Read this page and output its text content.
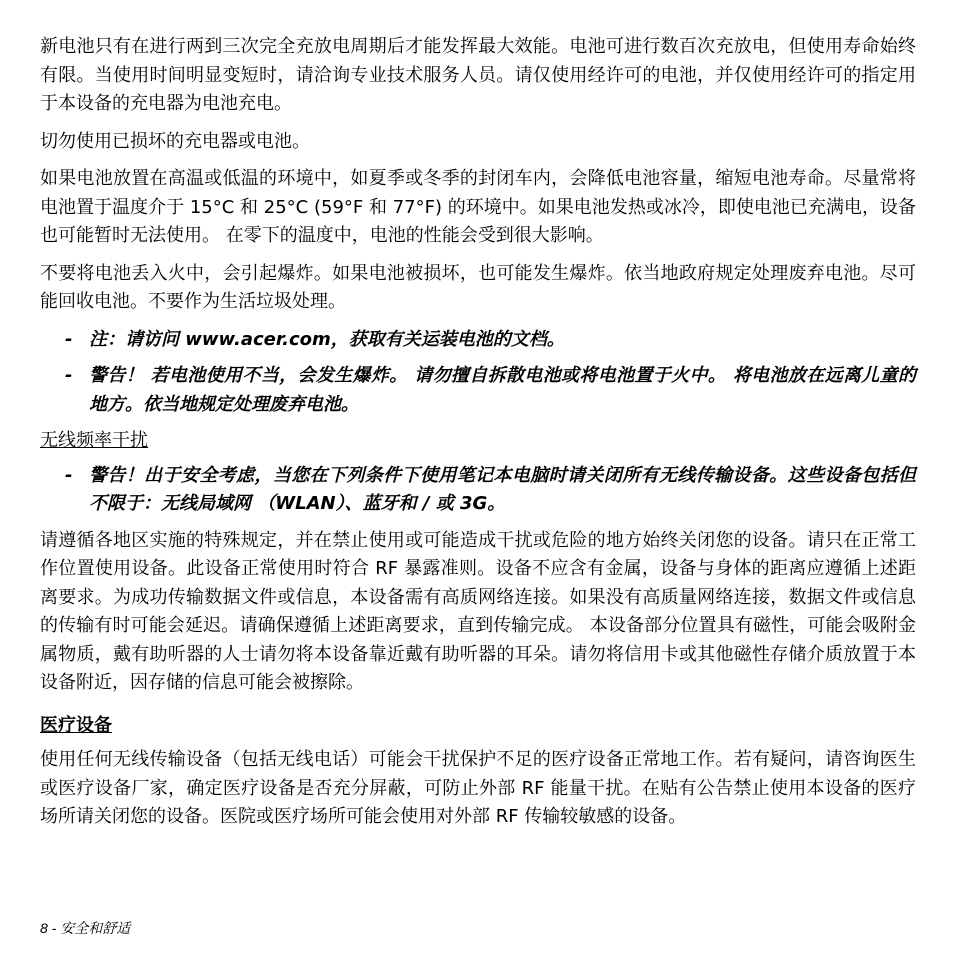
新电池只有在进行两到三次完全充放电周期后才能发挥最大效能。电池可进行数百次充放电，但使用寿命始终有限。当使用时间明显变短时，请洽询专业技术服务人员。请仅使用经许可的电池，并仅使用经许可的指定用于本设备的充电器为电池充电。

切勿使用已损坏的充电器或电池。

如果电池放置在高温或低温的环境中，如夏季或冬季的封闭车内，会降低电池容量，缩短电池寿命。尽量常将电池置于温度介于 15°C 和 25°C (59°F 和 77°F) 的环境中。如果电池发热或冰冷，即使电池已充满电，设备也可能暂时无法使用。 在零下的温度中，电池的性能会受到很大影响。

不要将电池丢入火中，会引起爆炸。如果电池被损坏，也可能发生爆炸。依当地政府规定处理废弃电池。尽可能回收电池。不要作为生活垃圾处理。

- 注：请访问 www.acer.com，获取有关运装电池的文档。
- 警告！ 若电池使用不当，会发生爆炸。 请勿擅自拆散电池或将电池置于火中。 将电池放在远离儿童的地方。依当地规定处理废弃电池。
无线频率干扰
- 警告！出于安全考虑，当您在下列条件下使用笔记本电脑时请关闭所有无线传输设备。这些设备包括但不限于：无线局域网 （WLAN）、蓝牙和 / 或 3G。

请遵循各地区实施的特殊规定，并在禁止使用或可能造成干扰或危险的地方始终关闭您的设备。请只在正常工作位置使用设备。此设备正常使用时符合 RF 暴露准则。设备不应含有金属，设备与身体的距离应遵循上述距离要求。为成功传输数据文件或信息，本设备需有高质网络连接。如果没有高质量网络连接，数据文件或信息的传输有时可能会延迟。请确保遵循上述距离要求，直到传输完成。 本设备部分位置具有磁性，可能会吸附金属物质，戴有助听器的人士请勿将本设备靠近戴有助听器的耳朵。请勿将信用卡或其他磁性存储介质放置于本设备附近，因存储的信息可能会被擦除。

医疗设备

使用任何无线传输设备（包括无线电话）可能会干扰保护不足的医疗设备正常地工作。若有疑问，请咨询医生或医疗设备厂家，确定医疗设备是否充分屏蔽，可防止外部 RF 能量干扰。在贴有公告禁止使用本设备的医疗场所请关闭您的设备。医院或医疗场所可能会使用对外部 RF 传输较敏感的设备。

8 - 安全和舒适
